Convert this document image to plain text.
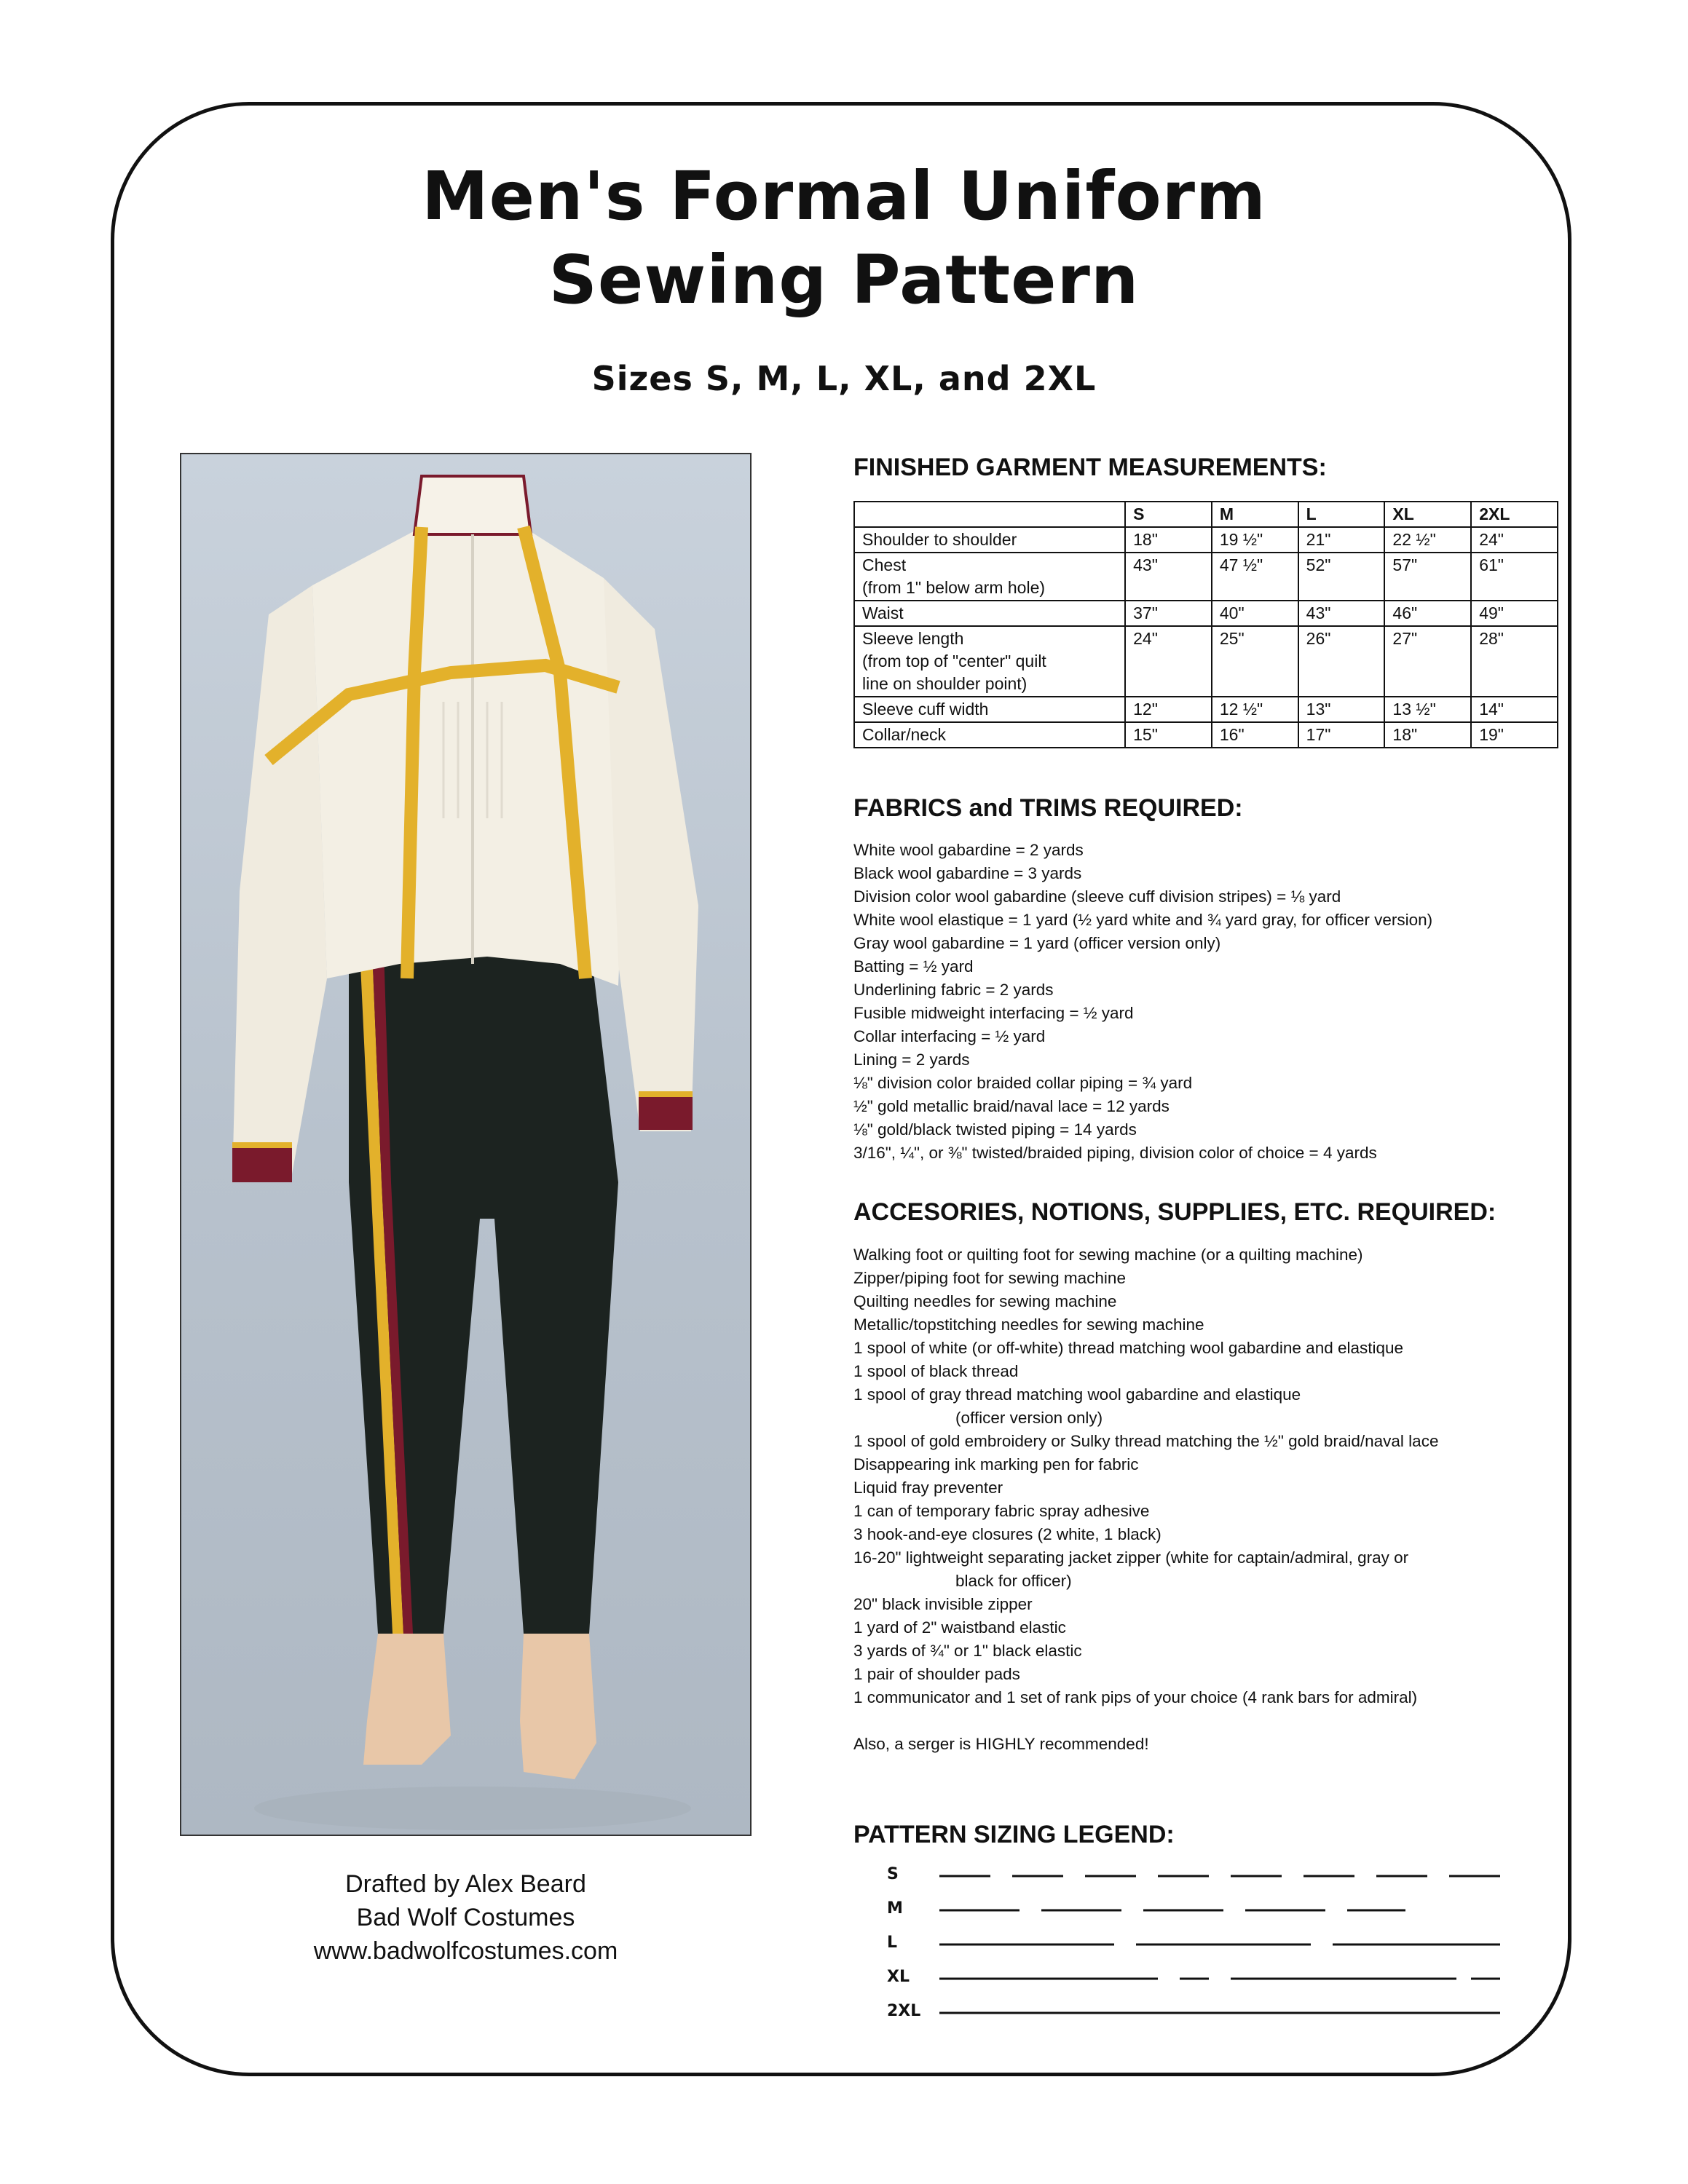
Men's Formal Uniform
Sewing Pattern
Sizes S, M, L, XL, and 2XL
Drafted by Alex Beard
Bad Wolf Costumes
www.badwolfcostumes.com
FINISHED GARMENT MEASUREMENTS:
	S	M	L	XL	2XL

Shoulder to shoulder	18"	19 ½"	21"	22 ½"	24"

Chest
(from 1" below arm hole)	43"	47 ½"	52"	57"	61"

Waist	37"	40"	43"	46"	49"

Sleeve length
(from top of "center" quilt
line on shoulder point)	24"	25"	26"	27"	28"

Sleeve cuff width	12"	12 ½"	13"	13 ½"	14"

Collar/neck	15"	16"	17"	18"	19"
FABRICS and TRIMS REQUIRED:
White wool gabardine = 2 yards
Black wool gabardine = 3 yards
Division color wool gabardine (sleeve cuff division stripes) = ⅛ yard
White wool elastique = 1 yard (½ yard white and ¾ yard gray, for officer version)
Gray wool gabardine = 1 yard (officer version only)
Batting = ½ yard
Underlining fabric = 2 yards
Fusible midweight interfacing = ½ yard
Collar interfacing = ½ yard
Lining = 2 yards
⅛" division color braided collar piping = ¾ yard
½" gold metallic braid/naval lace = 12 yards
⅛" gold/black twisted piping = 14 yards
3/16", ¼", or ⅜" twisted/braided piping, division color of choice = 4 yards
ACCESORIES, NOTIONS, SUPPLIES, ETC. REQUIRED:
Walking foot or quilting foot for sewing machine (or a quilting machine)
Zipper/piping foot for sewing machine
Quilting needles for sewing machine
Metallic/topstitching needles for sewing machine
1 spool of white (or off-white) thread matching wool gabardine and elastique
1 spool of black thread
1 spool of gray thread matching wool gabardine and elastique
(officer version only)
1 spool of gold embroidery or Sulky thread matching the ½" gold braid/naval lace
Disappearing ink marking pen for fabric
Liquid fray preventer
1 can of temporary fabric spray adhesive
3 hook-and-eye closures (2 white, 1 black)
16-20" lightweight separating jacket zipper (white for captain/admiral, gray or
black for officer)
20" black invisible zipper
1 yard of 2" waistband elastic
3 yards of ¾" or 1" black elastic
1 pair of shoulder pads
1 communicator and 1 set of rank pips of your choice (4 rank bars for admiral)
Also, a serger is HIGHLY recommended!
PATTERN SIZING LEGEND:
S
M
L
XL
2XL
